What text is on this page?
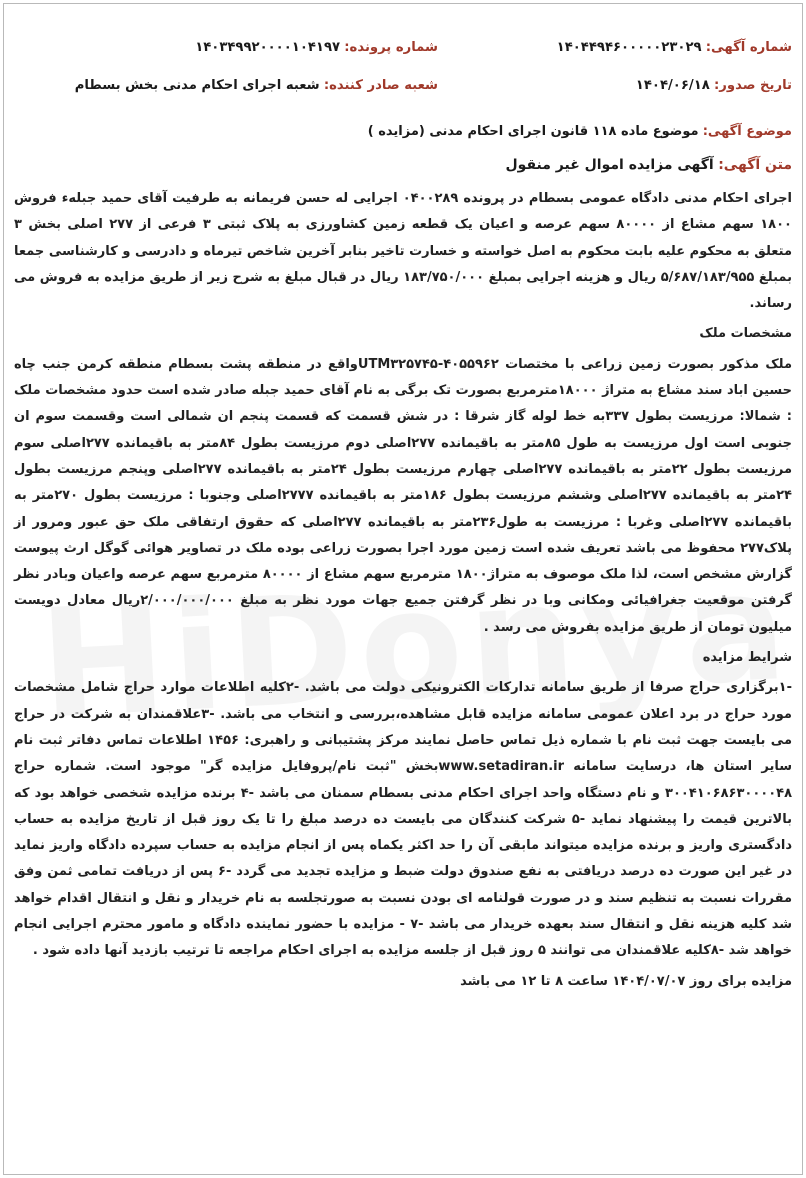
شماره آگهی: ۱۴۰۴۴۹۴۶۰۰۰۰۰۲۳۰۲۹
شماره پرونده: ۱۴۰۳۴۹۹۲۰۰۰۰۱۰۴۱۹۷
تاریخ صدور: ۱۴۰۴/۰۶/۱۸
شعبه صادر کننده: شعبه اجرای احکام مدنی بخش بسطام
موضوع آگهی: موضوع ماده ۱۱۸ قانون اجرای احکام مدنی (مزایده )
متن آگهی: آگهی مزایده اموال غیر منقول

اجرای احکام مدنی دادگاه عمومی بسطام در پرونده ۰۴۰۰۲۸۹ اجرایی له حسن فریمانه به طرفیت آقای حمید جبلهء فروش ۱۸۰۰ سهم مشاع از ۸۰۰۰۰ سهم عرصه و اعیان یک قطعه زمین کشاورزی به پلاک ثبتی ۳ فرعی از ۲۷۷ اصلی بخش ۳ متعلق به محکوم علیه بابت محکوم به اصل خواسته و خسارت تاخیر بنابر آخرین شاخص تیرماه و دادرسی و کارشناسی جمعا بمبلغ ۵/۶۸۷/۱۸۳/۹۵۵ ریال و هزینه اجرایی بمبلغ ۱۸۳/۷۵۰/۰۰۰ ریال در قبال مبلغ به شرح زیر از طریق مزایده به فروش می رساند.

مشخصات ملک

ملک مذکور بصورت زمین زراعی با مختصات UTM۳۲۵۷۴۵-۴۰۵۵۹۶۲واقع در منطقه پشت بسطام منطقه کرمن جنب چاه حسین اباد سند مشاع به متراژ ۱۸۰۰۰مترمربع بصورت تک برگی به نام آقای حمید جبله صادر شده است حدود مشخصات ملک : شمالا: مرزیست بطول ۳۳۷به خط لوله گاز شرقا : در شش قسمت که قسمت پنجم ان شمالی است وقسمت سوم ان جنوبی است اول مرزیست به طول ۸۵متر به باقیمانده ۲۷۷اصلی دوم مرزیست بطول ۸۴متر به باقیمانده ۲۷۷اصلی سوم مرزیست بطول ۲۲متر به باقیمانده ۲۷۷اصلی چهارم مرزیست بطول ۲۴متر به باقیمانده ۲۷۷اصلی وپنجم مرزیست بطول ۲۴متر به باقیمانده ۲۷۷اصلی وششم مرزیست بطول ۱۸۶متر به باقیمانده ۲۷۷۷اصلی وجنوبا : مرزیست بطول ۲۷۰متر به باقیمانده ۲۷۷اصلی وغربا : مرزیست به طول۲۳۶متر به باقیمانده ۲۷۷اصلی که حقوق ارتفاقی ملک حق عبور ومرور از پلاک۲۷۷ محفوظ می باشد تعریف شده است زمین مورد اجرا بصورت زراعی بوده ملک در تصاویر هوائی گوگل ارث پیوست گزارش مشخص است، لذا ملک موصوف به متراژ۱۸۰۰ مترمربع سهم مشاع از ۸۰۰۰۰ مترمربع سهم عرصه واعیان وبادر نظر گرفتن موقعیت جغرافیائی ومکانی وبا در نظر گرفتن جمیع جهات مورد نظر به مبلغ ۲/۰۰۰/۰۰۰/۰۰۰ریال معادل دویست میلیون تومان از طریق مزایده بفروش می رسد .

شرایط مزایده

-۱برگزاری حراج صرفا از طریق سامانه تدارکات الکترونیکی دولت می باشد. -۲کلیه اطلاعات موارد حراج شامل مشخصات مورد حراج در برد اعلان عمومی سامانه مزایده قابل مشاهده،بررسی و انتخاب می باشد. -۳علاقمندان به شرکت در حراج می بایست جهت ثبت نام با شماره ذیل تماس حاصل نمایند مرکز پشتیبانی و راهبری: ۱۴۵۶ اطلاعات تماس دفاتر ثبت نام سایر استان ها، درسایت سامانه www.setadiran.irبخش "ثبت نام/پروفایل مزایده گر" موجود است. شماره حراج ۳۰۰۴۱۰۶۸۶۳۰۰۰۰۴۸ و نام دستگاه واحد اجرای احکام مدنی بسطام سمنان می باشد -۴ برنده مزایده شخصی خواهد بود که بالاترین قیمت را پیشنهاد نماید -۵ شرکت کنندگان می بایست ده درصد مبلغ را تا یک روز قبل از تاریخ مزایده به حساب دادگستری واریز و برنده مزایده میتواند مابقی آن را حد اکثر یکماه پس از انجام مزایده به حساب سپرده دادگاه واریز نماید در غیر این صورت ده درصد دریافتی به نفع صندوق دولت ضبط و مزایده تجدید می گردد -۶ پس از دریافت تمامی ثمن وفق مقررات نسبت به تنظیم سند و در صورت قولنامه ای بودن نسبت به صورتجلسه به نام خریدار و نقل و انتقال اقدام خواهد شد کلیه هزینه نقل و انتقال سند بعهده خریدار می باشد -۷ - مزایده با حضور نماینده دادگاه و مامور محترم اجرایی انجام خواهد شد -۸کلیه علاقمندان می توانند ۵ روز قبل از جلسه مزایده به اجرای احکام مراجعه تا ترتیب بازدید آنها داده شود .

مزایده برای روز ۱۴۰۴/۰۷/۰۷ ساعت ۸ تا ۱۲ می باشد
